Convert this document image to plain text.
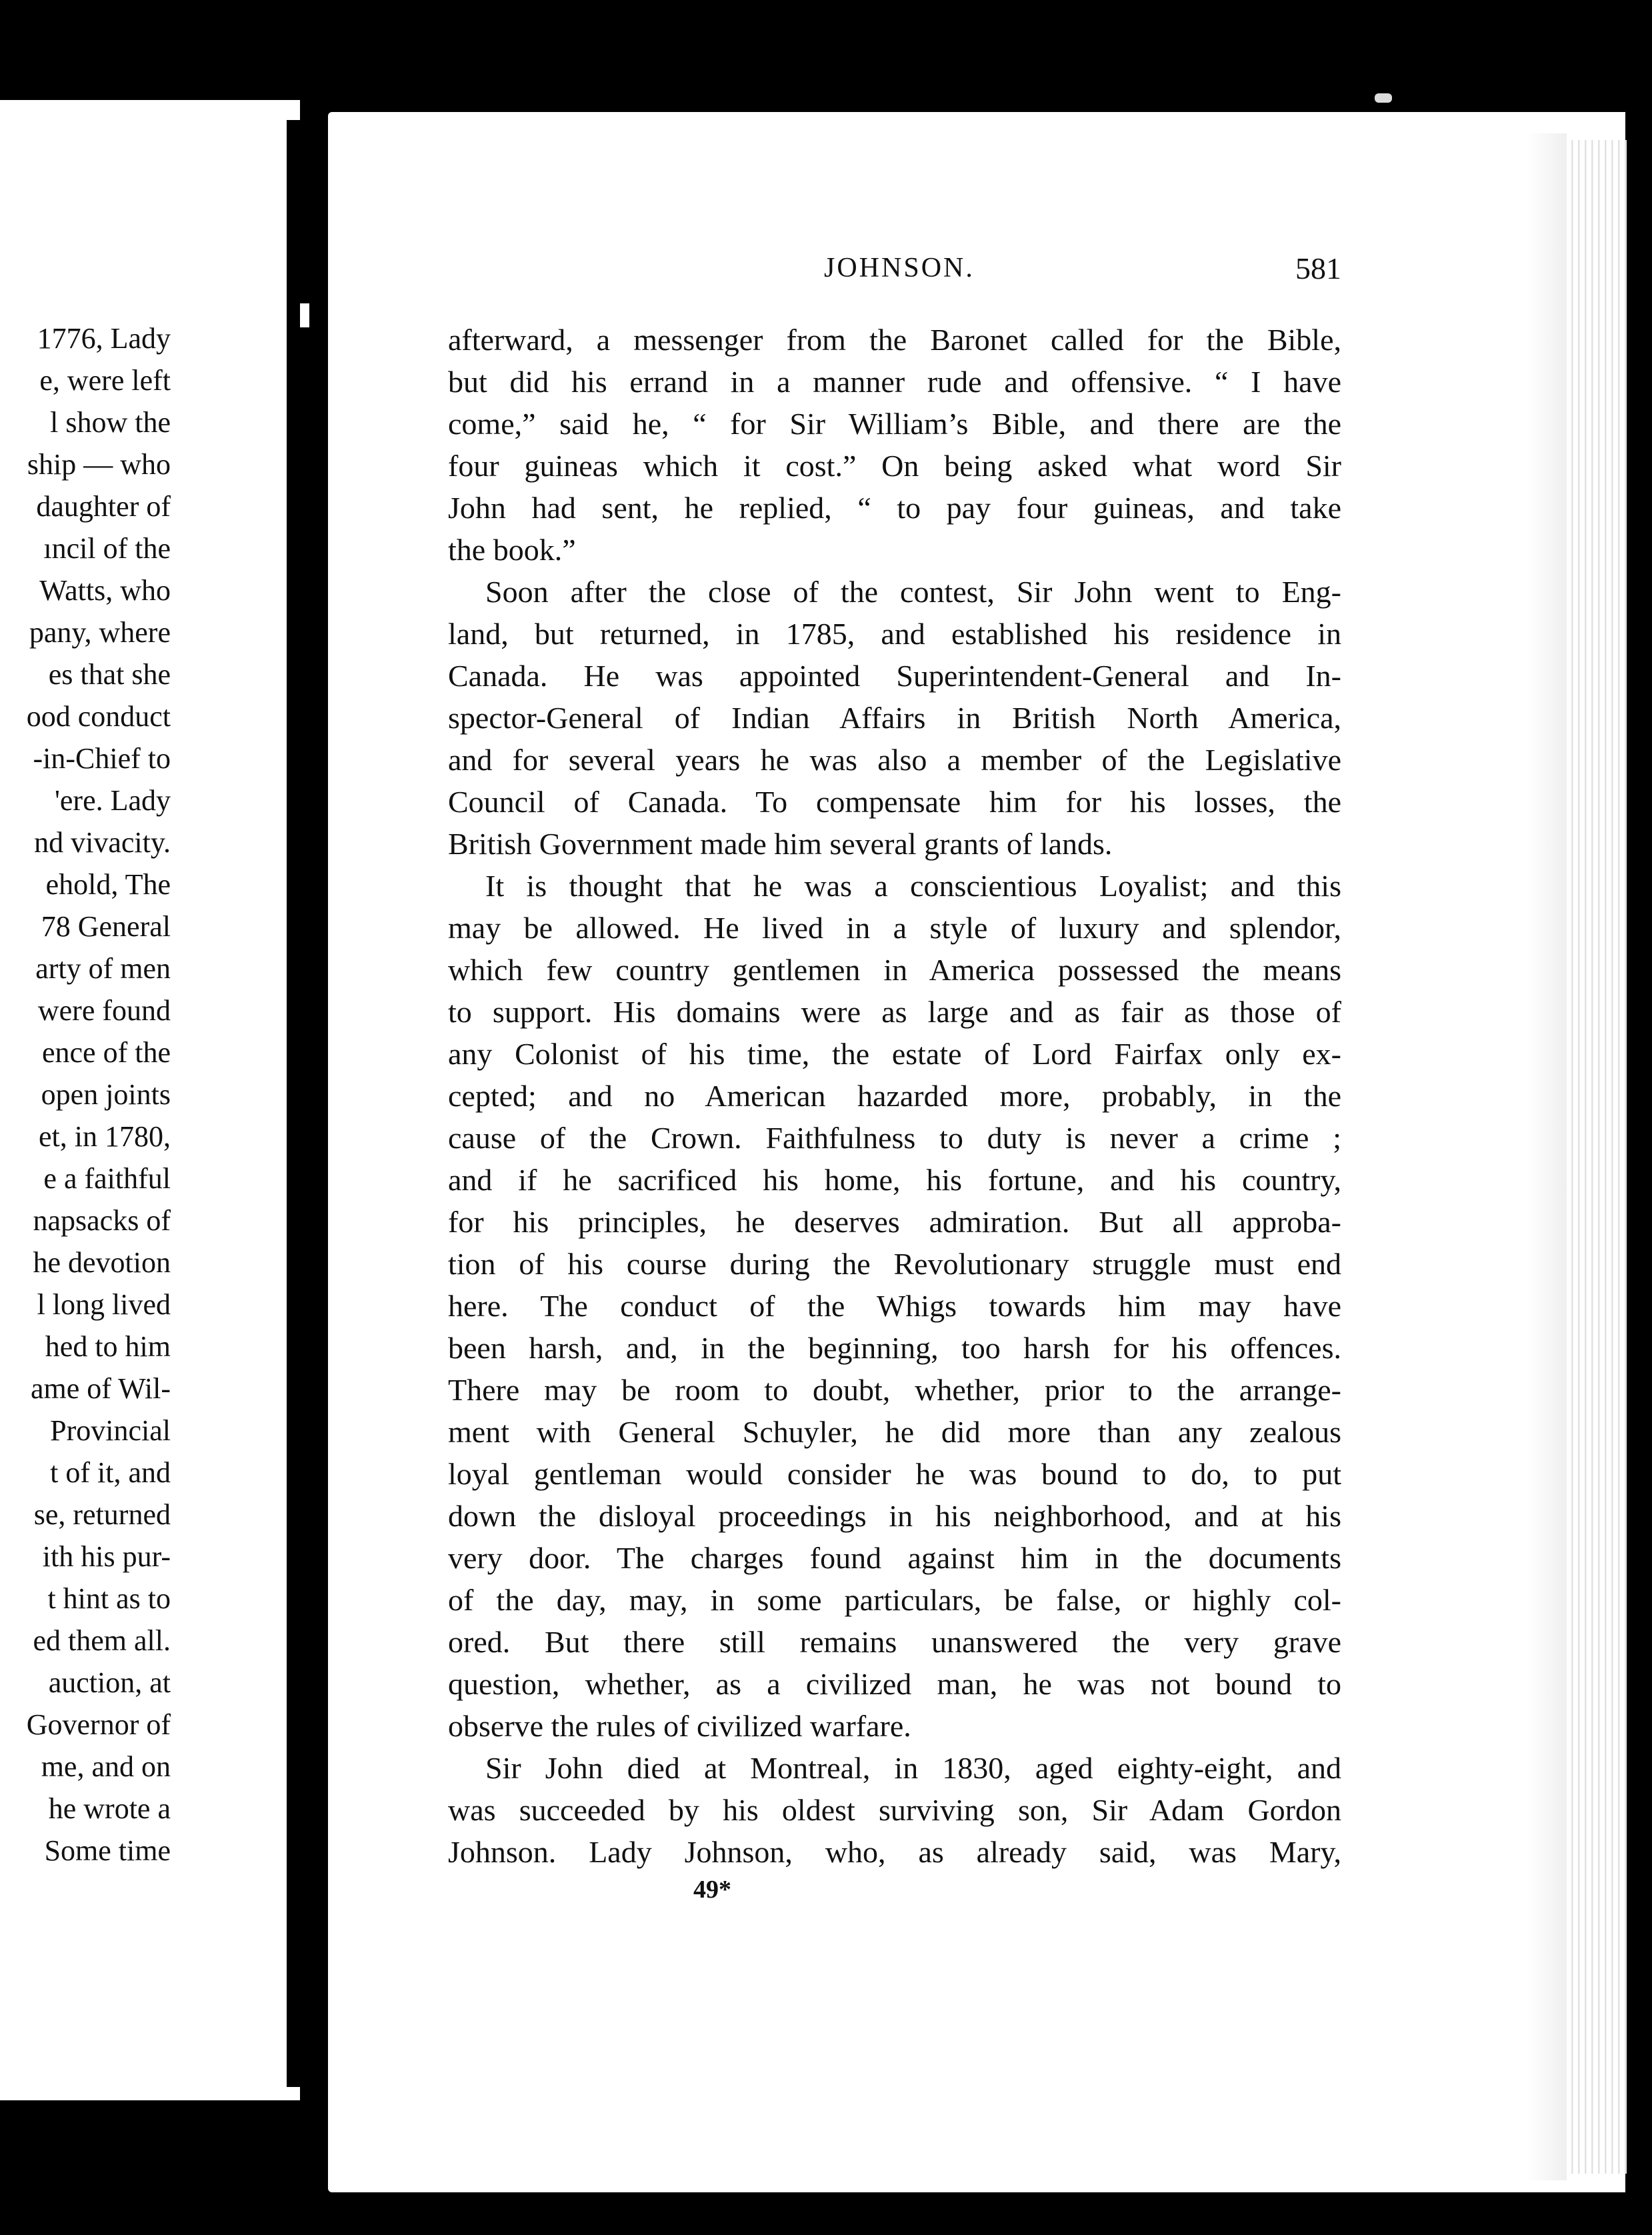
1776, Lady
e, were left
l show the
ship — who
daughter of
ıncil of the
Watts, who
pany, where
es that she
ood conduct
-in-Chief to
'ere. Lady
nd vivacity.
ehold, The
78 General
arty of men
were found
ence of the
open joints
et, in 1780,
e a faithful
napsacks of
he devotion
l long lived
hed to him
ame of Wil-
Provincial
t of it, and
se, returned
ith his pur-
t hint as to
ed them all.
auction, at
Governor of
me, and on
he wrote a
Some time
JOHNSON.	581
afterward, a messenger from the Baronet called for the Bible,
but did his errand in a manner rude and offensive. “ I have
come,” said he, “ for Sir William’s Bible, and there are the
four guineas which it cost.” On being asked what word Sir
John had sent, he replied, “ to pay four guineas, and take
the book.”
Soon after the close of the contest, Sir John went to Eng-
land, but returned, in 1785, and established his residence in
Canada. He was appointed Superintendent-General and In-
spector-General of Indian Affairs in British North America,
and for several years he was also a member of the Legislative
Council of Canada. To compensate him for his losses, the
British Government made him several grants of lands.
It is thought that he was a conscientious Loyalist; and this
may be allowed. He lived in a style of luxury and splendor,
which few country gentlemen in America possessed the means
to support. His domains were as large and as fair as those of
any Colonist of his time, the estate of Lord Fairfax only ex-
cepted; and no American hazarded more, probably, in the
cause of the Crown. Faithfulness to duty is never a crime ;
and if he sacrificed his home, his fortune, and his country,
for his principles, he deserves admiration. But all approba-
tion of his course during the Revolutionary struggle must end
here. The conduct of the Whigs towards him may have
been harsh, and, in the beginning, too harsh for his offences.
There may be room to doubt, whether, prior to the arrange-
ment with General Schuyler, he did more than any zealous
loyal gentleman would consider he was bound to do, to put
down the disloyal proceedings in his neighborhood, and at his
very door. The charges found against him in the documents
of the day, may, in some particulars, be false, or highly col-
ored. But there still remains unanswered the very grave
question, whether, as a civilized man, he was not bound to
observe the rules of civilized warfare.
Sir John died at Montreal, in 1830, aged eighty-eight, and
was succeeded by his oldest surviving son, Sir Adam Gordon
Johnson. Lady Johnson, who, as already said, was Mary,
49*
